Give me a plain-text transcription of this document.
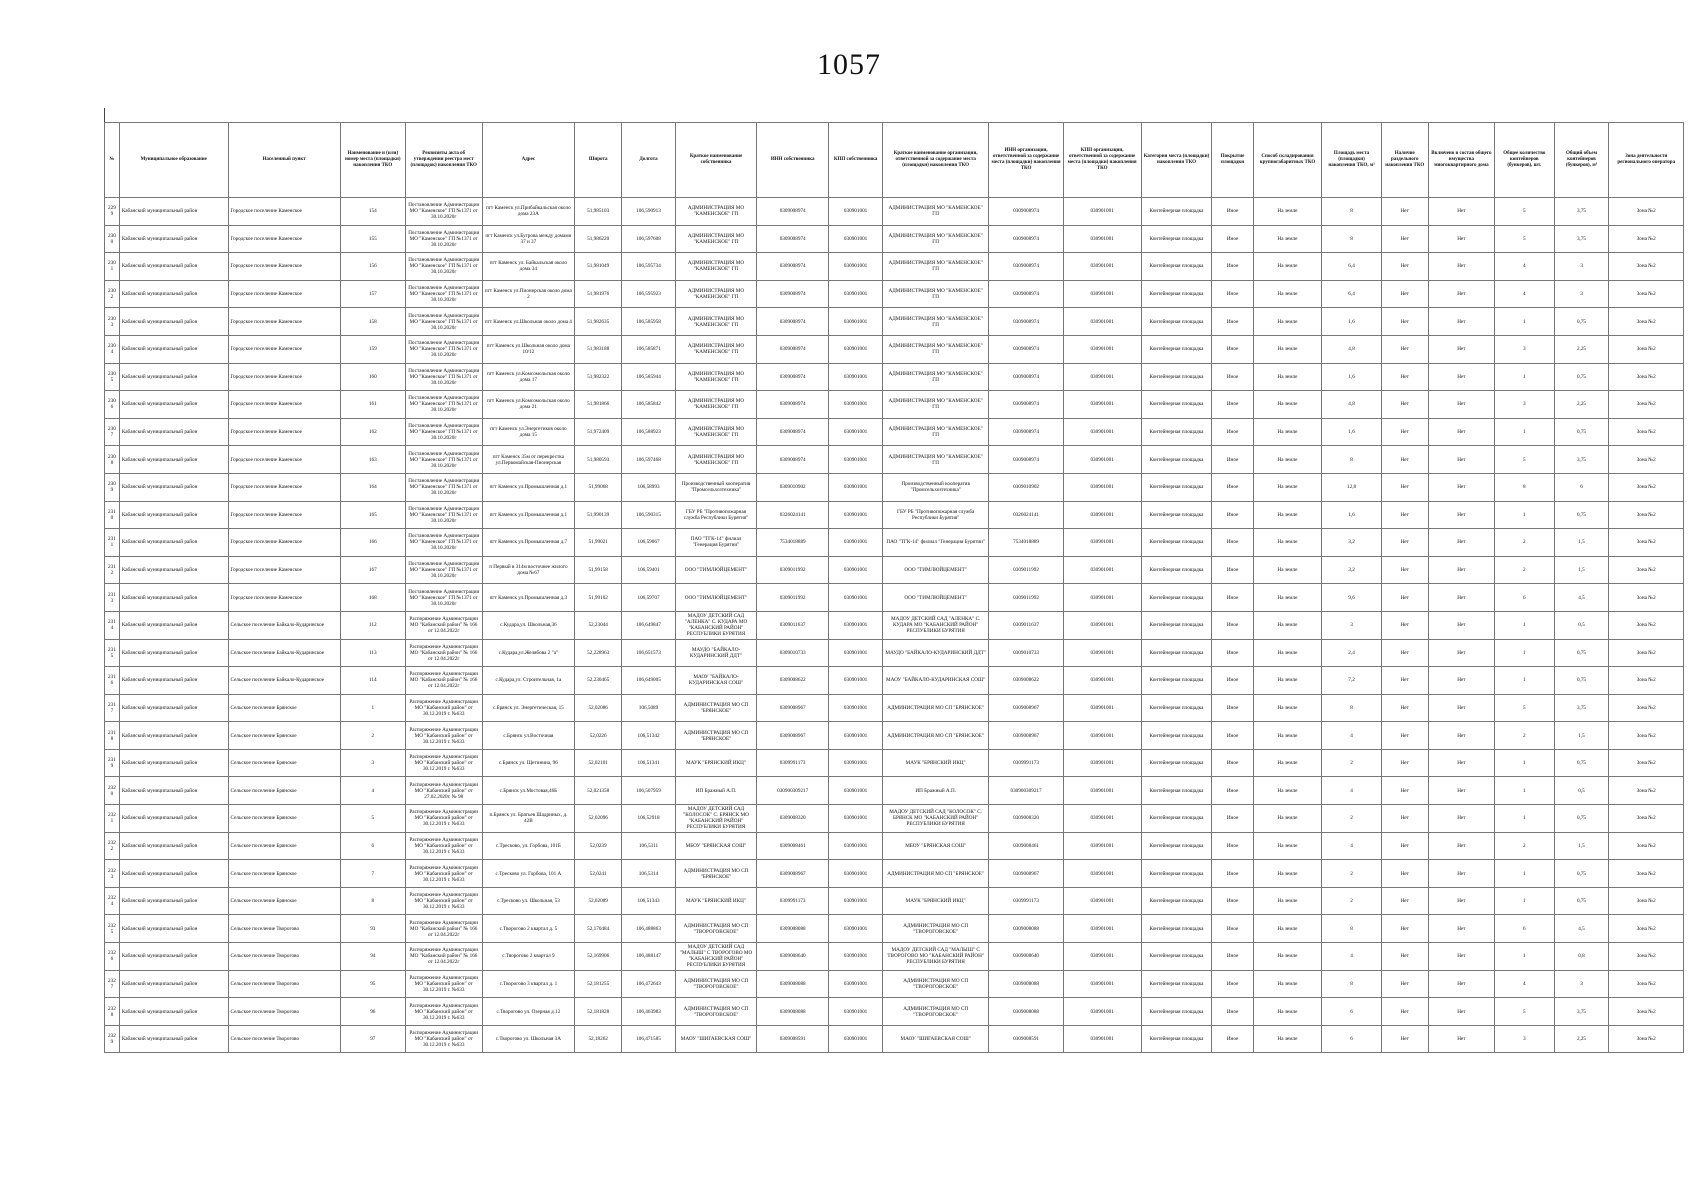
1057
№	Муниципальное образование	Населенный пункт	Наименование и (или) номер места (площадки) накопления ТКО	Реквизиты акта об утверждении реестра мест (площадок) накопления ТКО	Адрес	Широта	Долгота	Краткое наименование собственника	ИНН собственника	КПП собственника	Краткое наименование организации, ответственной за содержание места (площадки) накопления ТКО	ИНН организации, ответственной за содержание места (площадки) накопления ТКО	КПП организации, ответственной за содержание места (площадки) накопления ТКО	Категория места (площадки) накопления ТКО	Покрытие площадки	Способ складирования крупногабаритных ТКО	Площадь места (площадки) накопления ТКО, м²	Наличие раздельного накопления ТКО	Включено в состав общего имущества многоквартирного дома	Общее количество контейнеров (бункеров), шт.	Общий объем контейнеров (бункеров), м³	Зона деятельности регионального оператора
2299	Кабанский муниципальный район	Городское поселение Каменское	154	Постановление Администрации МО "Каменское" ГП №1371 от 30.10.2020г	пгт Каменск ул.Прибайкальская около дома 23А	51,985103	106,590913	АДМИНИСТРАЦИЯ МО "КАМЕНСКОЕ" ГП	0309008974	030901001	АДМИНИСТРАЦИЯ МО "КАМЕНСКОЕ" ГП	0309008974	030901001	Контейнерная площадка	Иное	На земле	8	Нет	Нет	5	3,75	Зона №2
2300	Кабанский муниципальный район	Городское поселение Каменское	155	Постановление Администрации МО "Каменское" ГП №1371 от 30.10.2020г	пгт Каменск ул.Бугрова между домами 37 и 37	51,986220	106,597608	АДМИНИСТРАЦИЯ МО "КАМЕНСКОЕ" ГП	0309008974	030901001	АДМИНИСТРАЦИЯ МО "КАМЕНСКОЕ" ГП	0309008974	030901001	Контейнерная площадка	Иное	На земле	8	Нет	Нет	5	3,75	Зона №2
2301	Кабанский муниципальный район	Городское поселение Каменское	156	Постановление Администрации МО "Каменское" ГП №1371 от 30.10.2020г	пгт Каменск ул. Байкальская около дома 34	51,981049	106,595734	АДМИНИСТРАЦИЯ МО "КАМЕНСКОЕ" ГП	0309008974	030901001	АДМИНИСТРАЦИЯ МО "КАМЕНСКОЕ" ГП	0309008974	030901001	Контейнерная площадка	Иное	На земле	6,4	Нет	Нет	4	3	Зона №2
2302	Кабанский муниципальный район	Городское поселение Каменское	157	Постановление Администрации МО "Каменское" ГП №1371 от 30.10.2020г	пгт Каменск ул.Пионерская около дома 2	51,981976	106,595923	АДМИНИСТРАЦИЯ МО "КАМЕНСКОЕ" ГП	0309008974	030901001	АДМИНИСТРАЦИЯ МО "КАМЕНСКОЕ" ГП	0309008974	030901001	Контейнерная площадка	Иное	На земле	6,4	Нет	Нет	4	3	Зона №2
2303	Кабанский муниципальный район	Городское поселение Каменское	158	Постановление Администрации МО "Каменское" ГП №1371 от 30.10.2020г	пгт Каменск ул.Школьная около дома 4	51,982635	106,585958	АДМИНИСТРАЦИЯ МО "КАМЕНСКОЕ" ГП	0309008974	030901001	АДМИНИСТРАЦИЯ МО "КАМЕНСКОЕ" ГП	0309008974	030901001	Контейнерная площадка	Иное	На земле	1,6	Нет	Нет	1	0,75	Зона №2
2304	Кабанский муниципальный район	Городское поселение Каменское	159	Постановление Администрации МО "Каменское" ГП №1371 от 30.10.2020г	пгт Каменск ул.Школьная около дома 10/12	51,983188	106,585871	АДМИНИСТРАЦИЯ МО "КАМЕНСКОЕ" ГП	0309008974	030901001	АДМИНИСТРАЦИЯ МО "КАМЕНСКОЕ" ГП	0309008974	030901001	Контейнерная площадка	Иное	На земле	4,8	Нет	Нет	3	2,25	Зона №2
2305	Кабанский муниципальный район	Городское поселение Каменское	160	Постановление Администрации МО "Каменское" ГП №1371 от 30.10.2020г	пгт Каменск ул.Комсомольская около дома 17	51,982322	106,585944	АДМИНИСТРАЦИЯ МО "КАМЕНСКОЕ" ГП	0309008974	030901001	АДМИНИСТРАЦИЯ МО "КАМЕНСКОЕ" ГП	0309008974	030901001	Контейнерная площадка	Иное	На земле	1,6	Нет	Нет	1	0,75	Зона №2
2306	Кабанский муниципальный район	Городское поселение Каменское	161	Постановление Администрации МО "Каменское" ГП №1371 от 30.10.2020г	пгт Каменск ул.Комсомольская около дома 21	51,981866	106,585842	АДМИНИСТРАЦИЯ МО "КАМЕНСКОЕ" ГП	0309008974	030901001	АДМИНИСТРАЦИЯ МО "КАМЕНСКОЕ" ГП	0309008974	030901001	Контейнерная площадка	Иное	На земле	4,8	Нет	Нет	3	2,25	Зона №2
2307	Кабанский муниципальный район	Городское поселение Каменское	162	Постановление Администрации МО "Каменское" ГП №1371 от 30.10.2020г	пгт Каменск ул.Энергетиков около дома 15	51,972409	106,588923	АДМИНИСТРАЦИЯ МО "КАМЕНСКОЕ" ГП	0309008974	030901001	АДМИНИСТРАЦИЯ МО "КАМЕНСКОЕ" ГП	0309008974	030901001	Контейнерная площадка	Иное	На земле	1,6	Нет	Нет	1	0,75	Зона №2
2308	Кабанский муниципальный район	Городское поселение Каменское	163	Постановление Администрации МО "Каменское" ГП №1371 от 30.10.2020г	пгт Каменск 35м от перекрестка ул.Первомайская-Пионерская	51,980593	106,597468	АДМИНИСТРАЦИЯ МО "КАМЕНСКОЕ" ГП	0309008974	030901001	АДМИНИСТРАЦИЯ МО "КАМЕНСКОЕ" ГП	0309008974	030901001	Контейнерная площадка	Иное	На земле	8	Нет	Нет	5	3,75	Зона №2
2309	Кабанский муниципальный район	Городское поселение Каменское	164	Постановление Администрации МО "Каменское" ГП №1371 от 30.10.2020г	пгт Каменск ул.Промышленная д.1	51,99068	106,58993	Производственный кооператив "Промсельхозтехника"	0309010902	030901001	Производственный кооператив "Промсельхозтехника"	0309010902	030901001	Контейнерная площадка	Иное	На земле	12,8	Нет	Нет	8	6	Зона №2
2310	Кабанский муниципальный район	Городское поселение Каменское	165	Постановление Администрации МО "Каменское" ГП №1371 от 30.10.2020г	пгт Каменск ул.Промышленная д.1	51,990139	106,590315	ГБУ РБ "Противопожарная служба Республики Бурятия"	0326024141	030901001	ГБУ РБ "Противопожарная служба Республики Бурятия"	0326024141	030901001	Контейнерная площадка	Иное	На земле	1,6	Нет	Нет	1	0,75	Зона №2
2311	Кабанский муниципальный район	Городское поселение Каменское	166	Постановление Администрации МО "Каменское" ГП №1371 от 30.10.2020г	пгт Каменск ул.Промышленная д.7	51,99021	106,59067	ПАО "ТГК-14" филиал "Генерация Бурятии"	7534018889	030901001	ПАО "ТГК-14" филиал "Генерация Бурятии"	7534018889	030901001	Контейнерная площадка	Иное	На земле	3,2	Нет	Нет	2	1,5	Зона №2
2312	Кабанский муниципальный район	Городское поселение Каменское	167	Постановление Администрации МО "Каменское" ГП №1371 от 30.10.2020г	п Первый в 314м восточнее жилого дома №67	51,99158	106,59401	ООО "ТИМЛЮЙЦЕМЕНТ"	0309011992	030901001	ООО "ТИМЛЮЙЦЕМЕНТ"	0309011992	030901001	Контейнерная площадка	Иное	На земле	3,2	Нет	Нет	2	1,5	Зона №2
2313	Кабанский муниципальный район	Городское поселение Каменское	168	Постановление Администрации МО "Каменское" ГП №1371 от 30.10.2020г	пгт Каменск ул.Промышленная д.3	51,99102	106,59707	ООО "ТИМЛЮЙЦЕМЕНТ"	0309011992	030901001	ООО "ТИМЛЮЙЦЕМЕНТ"	0309011992	030901001	Контейнерная площадка	Иное	На земле	9,6	Нет	Нет	6	4,5	Зона №2
2314	Кабанский муниципальный район	Сельское поселение Байкало-Кударинское	112	Распоряжение Администрации МО "Кабанский район" № 166 от 12.04.2022г	с.Кудара,ул. Школьная,36	52,23044	106,649847	МАДОУ ДЕТСКИЙ САД "АЛЕНКА" С. КУДАРА МО "КАБАНСКИЙ РАЙОН" РЕСПУБЛИКИ БУРЯТИЯ	0309011637	030901001	МАДОУ ДЕТСКИЙ САД "АЛЕНКА" С. КУДАРА МО "КАБАНСКИЙ РАЙОН" РЕСПУБЛИКИ БУРЯТИЯ	0309011637	030901001	Контейнерная площадка	Иное	На земле	3	Нет	Нет	1	0,5	Зона №2
2315	Кабанский муниципальный район	Сельское поселение Байкало-Кударинское	113	Распоряжение Администрации МО "Кабанский район" № 166 от 12.04.2022г	с.Кудара,ул.Желябова 2 "а"	52,228963	106,651573	МАУДО "БАЙКАЛО-КУДАРИНСКИЙ ДДТ"	0309010733	030901001	МАУДО "БАЙКАЛО-КУДАРИНСКИЙ ДДТ"	0309010733	030901001	Контейнерная площадка	Иное	На земле	2,4	Нет	Нет	1	0,75	Зона №2
2316	Кабанский муниципальный район	Сельское поселение Байкало-Кударинское	114	Распоряжение Администрации МО "Кабанский район" № 166 от 12.04.2022г	с.Кудара,ул. Строительная, 1а	52,230465	106,649005	МАОУ "БАЙКАЛО-КУДАРИНСКАЯ СОШ"	0309008622	030901001	МАОУ "БАЙКАЛО-КУДАРИНСКАЯ СОШ"	0309008622	030901001	Контейнерная площадка	Иное	На земле	7,2	Нет	Нет	1	0,75	Зона №2
2317	Кабанский муниципальный район	Сельское поселение Брянское	1	Распоряжение Администрации МО "Кабанский район" от 30.12.2019 г. №633	с.Брянск ул. Энергетическая, 15	52,02086	106,5089	АДМИНИСТРАЦИЯ МО СП "БРЯНСКОЕ"	0309008967	030901001	АДМИНИСТРАЦИЯ МО СП "БРЯНСКОЕ"	0309008967	030901001	Контейнерная площадка	Иное	На земле	8	Нет	Нет	5	3,75	Зона №2
2318	Кабанский муниципальный район	Сельское поселение Брянское	2	Распоряжение Администрации МО "Кабанский район" от 30.12.2019 г. №633	с.Брянск ул.Восточная	52,0226	106,51342	АДМИНИСТРАЦИЯ МО СП "БРЯНСКОЕ"	0309008967	030901001	АДМИНИСТРАЦИЯ МО СП "БРЯНСКОЕ"	0309008967	030901001	Контейнерная площадка	Иное	На земле	4	Нет	Нет	2	1,5	Зона №2
2319	Кабанский муниципальный район	Сельское поселение Брянское	3	Распоряжение Администрации МО "Кабанский район" от 30.12.2019 г. №633	с.Брянск ул. Щетинина, 96	52,02101	106,51341	МАУК "БРЯНСКИЙ ИКЦ"	0309991173	030901001	МАУК "БРЯНСКИЙ ИКЦ"	0309991173	030901001	Контейнерная площадка	Иное	На земле	2	Нет	Нет	1	0,75	Зона №2
2320	Кабанский муниципальный район	Сельское поселение Брянское	4	Распоряжение Администрации МО "Кабанский район" от 27.02.2020г. № 98	с.Брянск ул.Мостовая,46Б	52,021358	106,507959	ИП Бражный А.П.	030900309217	030901001	ИП Бражный А.П.	030900309217	030901001	Контейнерная площадка	Иное	На земле	4	Нет	Нет	1	0,5	Зона №2
2321	Кабанский муниципальный район	Сельское поселение Брянское	5	Распоряжение Администрации МО "Кабанский район" от 30.12.2019 г. №633	п.Брянск ул. Братьев Шадриных, д. 42В	52,02096	106,52918	МАДОУ ДЕТСКИЙ САД "КОЛОСОК" С. БРЯНСК МО "КАБАНСКИЙ РАЙОН" РЕСПУБЛИКИ БУРЯТИЯ	0309008320	030901001	МАДОУ ДЕТСКИЙ САД "КОЛОСОК" С. БРЯНСК МО "КАБАНСКИЙ РАЙОН" РЕСПУБЛИКИ БУРЯТИЯ	0309008320	030901001	Контейнерная площадка	Иное	На земле	2	Нет	Нет	1	0,75	Зона №2
2322	Кабанский муниципальный район	Сельское поселение Брянское	6	Распоряжение Администрации МО "Кабанский район" от 30.12.2019 г. №633	с.Тресково, ул. Горбова, 101Б	52,0239	106,5311	МБОУ "БРЯНСКАЯ СОШ"	0309008461	030901001	МБОУ "БРЯНСКАЯ СОШ"	0309008461	030901001	Контейнерная площадка	Иное	На земле	4	Нет	Нет	2	1,5	Зона №2
2323	Кабанский муниципальный район	Сельское поселение Брянское	7	Распоряжение Администрации МО "Кабанский район" от 30.12.2019 г. №633	с.Тресково ул. Горбова, 101 А	52,0241	106,5314	АДМИНИСТРАЦИЯ МО СП "БРЯНСКОЕ"	0309008967	030901001	АДМИНИСТРАЦИЯ МО СП "БРЯНСКОЕ"	0309008967	030901001	Контейнерная площадка	Иное	На земле	2	Нет	Нет	1	0,75	Зона №2
2324	Кабанский муниципальный район	Сельское поселение Брянское	8	Распоряжение Администрации МО "Кабанский район" от 30.12.2019 г. №633	с.Тресково ул. Школьная, 53	52,02089	106,51343	МАУК "БРЯНСКИЙ ИКЦ"	0309991173	030901001	МАУК "БРЯНСКИЙ ИКЦ"	0309991173	030901001	Контейнерная площадка	Иное	На земле	2	Нет	Нет	1	0,75	Зона №2
2325	Кабанский муниципальный район	Сельское поселение Творогово	93	Распоряжение Администрации МО "Кабанский район" № 166 от 12.04.2022г	с.Творогово 2 квартал д. 5	52,170484	106,488863	АДМИНИСТРАЦИЯ МО СП "ТВОРОГОВСКОЕ"	0309008088	030901001	АДМИНИСТРАЦИЯ МО СП "ТВОРОГОВСКОЕ"	0309008088	030901001	Контейнерная площадка	Иное	На земле	8	Нет	Нет	6	4,5	Зона №2
2326	Кабанский муниципальный район	Сельское поселение Творогово	94	Распоряжение Администрации МО "Кабанский район" № 166 от 12.04.2022г	с.Творогово 2 квартал 9	52,169906	106,488147	МАДОУ ДЕТСКИЙ САД "МАЛЫШ" С ТВОРОГОВО МО "КАБАНСКИЙ РАЙОН" РЕСПУБЛИКИ БУРЯТИЯ	0309008640	030901001	МАДОУ ДЕТСКИЙ САД "МАЛЫШ" С ТВОРОГОВО МО "КАБАНСКИЙ РАЙОН" РЕСПУБЛИКИ БУРЯТИЯ	0309008640	030901001	Контейнерная площадка	Иное	На земле	4	Нет	Нет	1	0,8	Зона №2
2327	Кабанский муниципальный район	Сельское поселение Творогово	95	Распоряжение Администрации МО "Кабанский район" от 30.12.2019 г. №633	с.Творогово 3 квартал д. 1	52,181255	106,472643	АДМИНИСТРАЦИЯ МО СП "ТВОРОГОВСКОЕ"	0309008088	030901001	АДМИНИСТРАЦИЯ МО СП "ТВОРОГОВСКОЕ"	0309008088	030901001	Контейнерная площадка	Иное	На земле	8	Нет	Нет	4	3	Зона №2
2328	Кабанский муниципальный район	Сельское поселение Творогово	96	Распоряжение Администрации МО "Кабанский район" от 30.12.2019 г. №633	с.Творогово ул. Озерная д.12	52,181828	106,463983	АДМИНИСТРАЦИЯ МО СП "ТВОРОГОВСКОЕ"	0309008088	030901001	АДМИНИСТРАЦИЯ МО СП "ТВОРОГОВСКОЕ"	0309008088	030901001	Контейнерная площадка	Иное	На земле	6	Нет	Нет	5	3,75	Зона №2
2329	Кабанский муниципальный район	Сельское поселение Творогово	97	Распоряжение Администрации МО "Кабанский район" от 30.12.2019 г. №633	с.Творогово ул. Школьная 3А	52,18262	106,471585	МАОУ "ШИГАЕВСКАЯ СОШ"	0309008591	030901001	МАОУ "ШИГАЕВСКАЯ СОШ"	0309008591	030901001	Контейнерная площадка	Иное	На земле	6	Нет	Нет	3	2,25	Зона №2
